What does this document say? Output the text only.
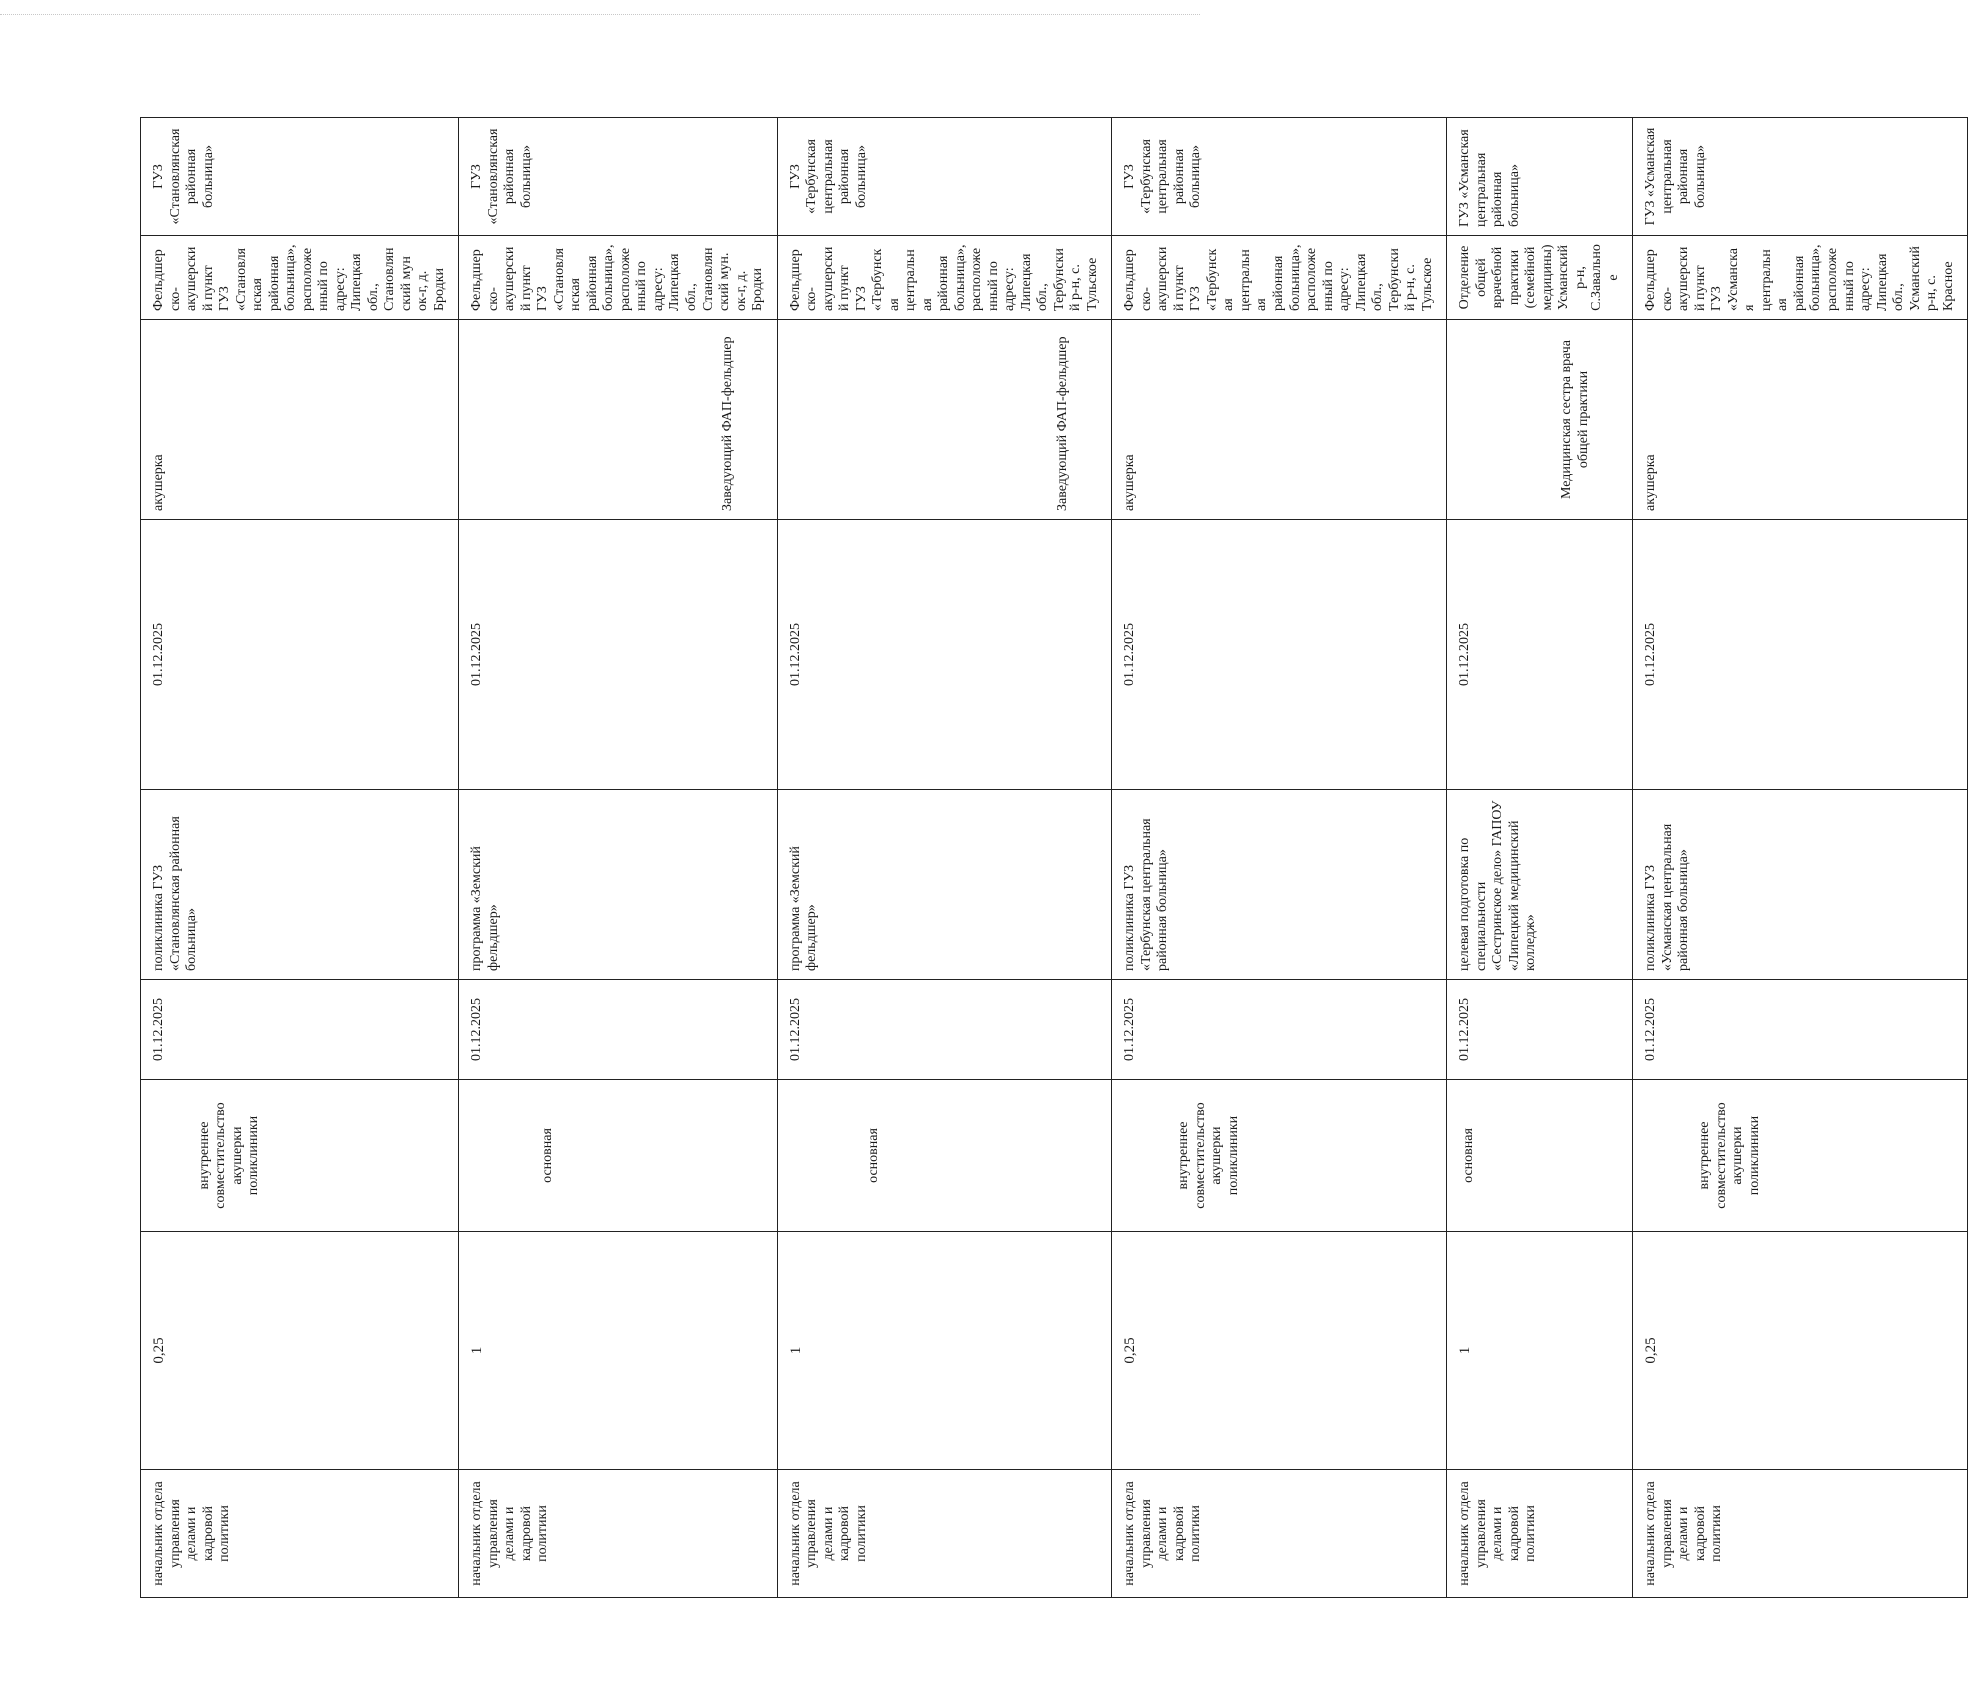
начальник отдела управления делами и кадровой политики	0,25	внутреннее совместительство акушерки поликлиники	01.12.2025	поликлиника ГУЗ «Становлянская районная больница»	01.12.2025	акушерка	Фельдшерско-акушерский пункт ГУЗ «Становлянская районная больница», расположенный по адресу: Липецкая обл., Становлянский мун ок-г, д. Бродки	ГУЗ «Становлянская районная больница»
начальник отдела управления делами и кадровой политики	1	основная	01.12.2025	программа «Земский фельдшер»	01.12.2025	Заведующий ФАП-фельдшер	Фельдшерско-акушерский пункт ГУЗ «Становлянская районная больница», расположенный по адресу: Липецкая обл., Становлянский мун. ок-г, д. Бродки	ГУЗ «Становлянская районная больница»
начальник отдела управления делами и кадровой политики	1	основная	01.12.2025	программа «Земский фельдшер»	01.12.2025	Заведующий ФАП-фельдшер	Фельдшерско-акушерский пункт ГУЗ «Тербунская центральная районная больница», расположенный по адресу: Липецкая обл., Тербунский р-н, с. Тульское	ГУЗ «Тербунская центральная районная больница»
начальник отдела управления делами и кадровой политики	0,25	внутреннее совместительство акушерки поликлиники	01.12.2025	поликлиника ГУЗ «Тербунская центральная районная больница»	01.12.2025	акушерка	Фельдшерско-акушерский пункт ГУЗ «Тербунская центральная районная больница», расположенный по адресу: Липецкая обл., Тербунский р-н, с. Тульское	ГУЗ «Тербунская центральная районная больница»
начальник отдела управления делами и кадровой политики	1	основная	01.12.2025	целевая подготовка по специальности «Сестринское дело» ГАПОУ «Липецкий медицинский колледж»	01.12.2025	Медицинская сестра врача общей практики	Отделение общей врачебной практики (семейной медицины) Усманский р-н, С.Завальное	ГУЗ «Усманская центральная районная больница»
начальник отдела управления делами и кадровой политики	0,25	внутреннее совместительство акушерки поликлиники	01.12.2025	поликлиника ГУЗ «Усманская центральная районная больница»	01.12.2025	акушерка	Фельдшерско-акушерский пункт ГУЗ «Усманская центральная районная больница», расположенный по адресу: Липецкая обл., Усманский р-н, с. Красное	ГУЗ «Усманская центральная районная больница»
